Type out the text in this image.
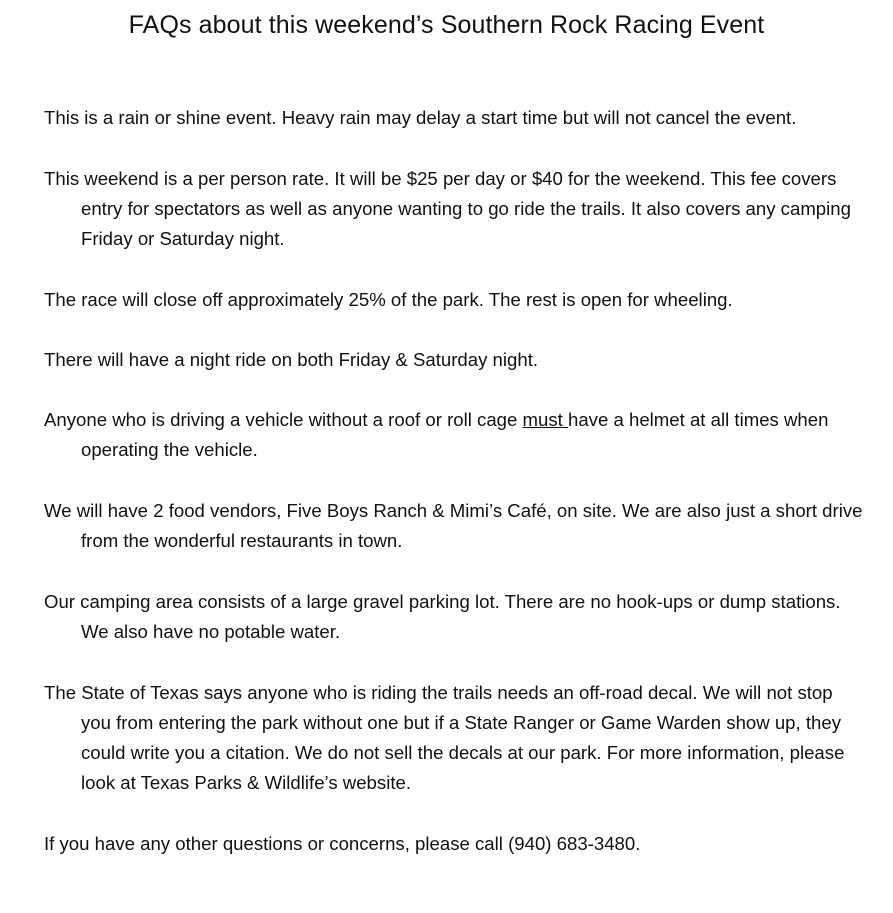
FAQs about this weekend’s Southern Rock Racing Event
This is a rain or shine event. Heavy rain may delay a start time but will not cancel the event.
This weekend is a per person rate. It will be $25 per day or $40 for the weekend. This fee covers
entry for spectators as well as anyone wanting to go ride the trails. It also covers any camping
Friday or Saturday night.
The race will close off approximately 25% of the park. The rest is open for wheeling.
There will have a night ride on both Friday & Saturday night.
Anyone who is driving a vehicle without a roof or roll cage must have a helmet at all times when
operating the vehicle.
We will have 2 food vendors, Five Boys Ranch & Mimi’s Café, on site. We are also just a short drive
from the wonderful restaurants in town.
Our camping area consists of a large gravel parking lot. There are no hook-ups or dump stations.
We also have no potable water.
The State of Texas says anyone who is riding the trails needs an off-road decal. We will not stop
you from entering the park without one but if a State Ranger or Game Warden show up, they
could write you a citation. We do not sell the decals at our park. For more information, please
look at Texas Parks & Wildlife’s website.
If you have any other questions or concerns, please call (940) 683-3480.
